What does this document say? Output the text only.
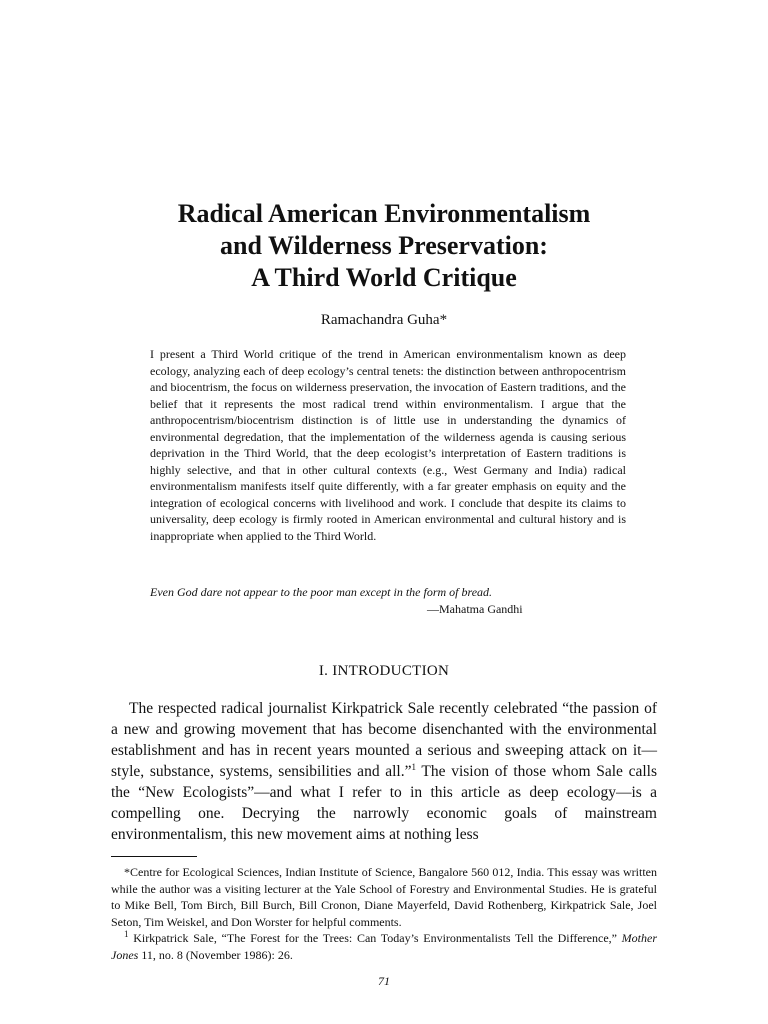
Radical American Environmentalism
and Wilderness Preservation:
A Third World Critique
Ramachandra Guha*

I present a Third World critique of the trend in American environmentalism known as deep ecology, analyzing each of deep ecology’s central tenets: the distinction between anthropocentrism and biocentrism, the focus on wilderness preservation, the invocation of Eastern traditions, and the belief that it represents the most radical trend within environmentalism. I argue that the anthropocentrism/biocentrism distinction is of little use in understanding the dynamics of environmental degredation, that the implementation of the wilderness agenda is causing serious deprivation in the Third World, that the deep ecologist’s interpretation of Eastern traditions is highly selective, and that in other cultural contexts (e.g., West Germany and India) radical environmentalism manifests itself quite differently, with a far greater emphasis on equity and the integration of ecological concerns with livelihood and work. I conclude that despite its claims to universality, deep ecology is firmly rooted in American environmental and cultural history and is inappropriate when applied to the Third World.

Even God dare not appear to the poor man except in the form of bread.
—Mahatma Gandhi
I. INTRODUCTION

The respected radical journalist Kirkpatrick Sale recently celebrated “the passion of a new and growing movement that has become disenchanted with the environmental establishment and has in recent years mounted a serious and sweeping attack on it—style, substance, systems, sensibilities and all.”$^1$ The vision of those whom Sale calls the “New Ecologists”—and what I refer to in this article as deep ecology—is a compelling one. Decrying the narrowly economic goals of mainstream environmentalism, this new movement aims at nothing less

*Centre for Ecological Sciences, Indian Institute of Science, Bangalore 560 012, India. This essay was written while the author was a visiting lecturer at the Yale School of Forestry and Environmental Studies. He is grateful to Mike Bell, Tom Birch, Bill Burch, Bill Cronon, Diane Mayerfeld, David Rothenberg, Kirkpatrick Sale, Joel Seton, Tim Weiskel, and Don Worster for helpful comments.

$^1$ Kirkpatrick Sale, “The Forest for the Trees: Can Today’s Environmentalists Tell the Difference,” Mother Jones 11, no. 8 (November 1986): 26.

71
